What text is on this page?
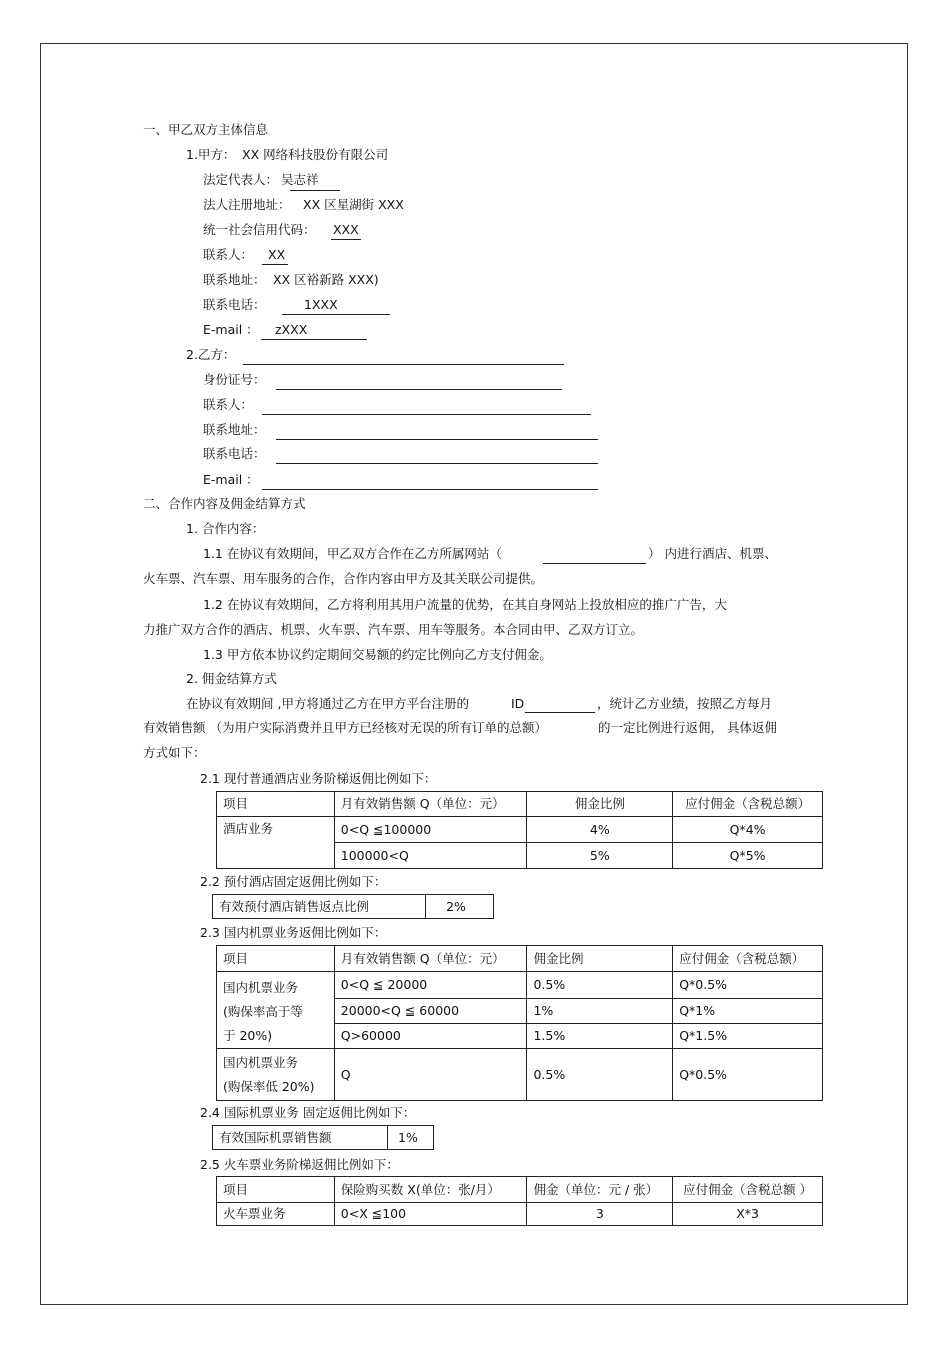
一、甲乙双方主体信息
1.甲方： XX 网络科技股份有限公司
法定代表人： 吴志祥
法人注册地址： XX 区星湖街 XXX
统一社会信用代码： XXX
联系人： XX
联系地址： XX 区裕新路 XXX)
联系电话：	1XXX
E-mail ： zXXX
2.乙方：
身份证号：
联系人：
联系地址：
联系电话：
E-mail ：
二、合作内容及佣金结算方式
1. 合作内容：
1.1 在协议有效期间，甲乙双方合作在乙方所属网站（	） 内进行酒店、机票、
火车票、汽车票、用车服务的合作，合作内容由甲方及其关联公司提供。
1.2 在协议有效期间，乙方将利用其用户流量的优势，在其自身网站上投放相应的推广广告，大
力推广双方合作的酒店、机票、火车票、汽车票、用车等服务。本合同由甲、乙双方订立。
1.3 甲方依本协议约定期间交易额的约定比例向乙方支付佣金。
2. 佣金结算方式
在协议有效期间 ,甲方将通过乙方在甲方平台注册的	ID	，统计乙方业绩，按照乙方每月
有效销售额 （为用户实际消费并且甲方已经核对无误的所有订单的总额）	的一定比例进行返佣， 具体返佣
方式如下：
2.1 现付普通酒店业务阶梯返佣比例如下：
项目	月有效销售额 Q（单位：元）	佣金比例	应付佣金（含税总额）
酒店业务	0<Q ≦100000	4%	Q*4%
	100000<Q	5%	Q*5%
2.2 预付酒店固定返佣比例如下：
有效预付酒店销售返点比例	2%
2.3 国内机票业务返佣比例如下：
项目	月有效销售额 Q（单位：元）	佣金比例	应付佣金（含税总额）

国内机票业务
(购保率高于等
于 20%)	0<Q ≦ 20000	0.5%	Q*0.5%
	20000<Q ≦ 60000	1%	Q*1%
	Q>60000	1.5%	Q*1.5%

国内机票业务
(购保率低 20%)	Q	0.5%	Q*0.5%
2.4 国际机票业务 固定返佣比例如下：
有效国际机票销售额	1%
2.5 火车票业务阶梯返佣比例如下：
项目	保险购买数 X(单位：张/月）	佣金（单位：元 / 张）	应付佣金（含税总额 ）
火车票业务	0<X ≦100	3	X*3
